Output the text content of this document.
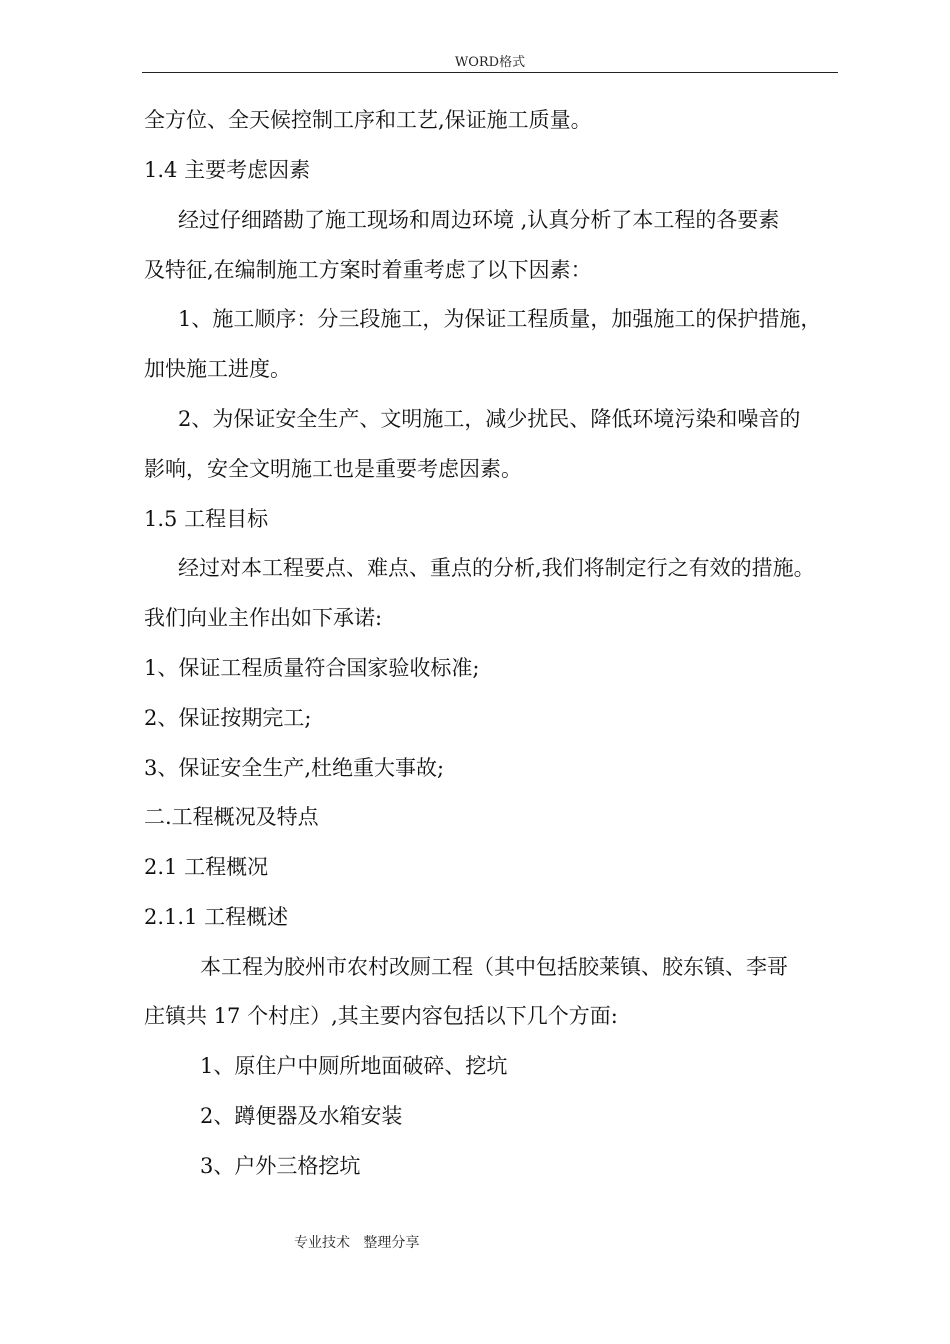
WORD格式
全方位、全天候控制工序和工艺,保证施工质量。
1.4 主要考虑因素
经过仔细踏勘了施工现场和周边环境 ,认真分析了本工程的各要素
及特征,在编制施工方案时着重考虑了以下因素：
1、施工顺序：分三段施工，为保证工程质量，加强施工的保护措施，
加快施工进度。
2、为保证安全生产、文明施工，减少扰民、降低环境污染和噪音的
影响，安全文明施工也是重要考虑因素。
1.5 工程目标
经过对本工程要点、难点、重点的分析,我们将制定行之有效的措施。
我们向业主作出如下承诺:
1、保证工程质量符合国家验收标准;
2、保证按期完工;
3、保证安全生产,杜绝重大事故;
二.工程概况及特点
2.1 工程概况
2.1.1 工程概述
本工程为胶州市农村改厕工程（其中包括胶莱镇、胶东镇、李哥
庄镇共 17 个村庄）,其主要内容包括以下几个方面:
1、原住户中厕所地面破碎、挖坑
2、蹲便器及水箱安装
3、户外三格挖坑
专业技术   整理分享
